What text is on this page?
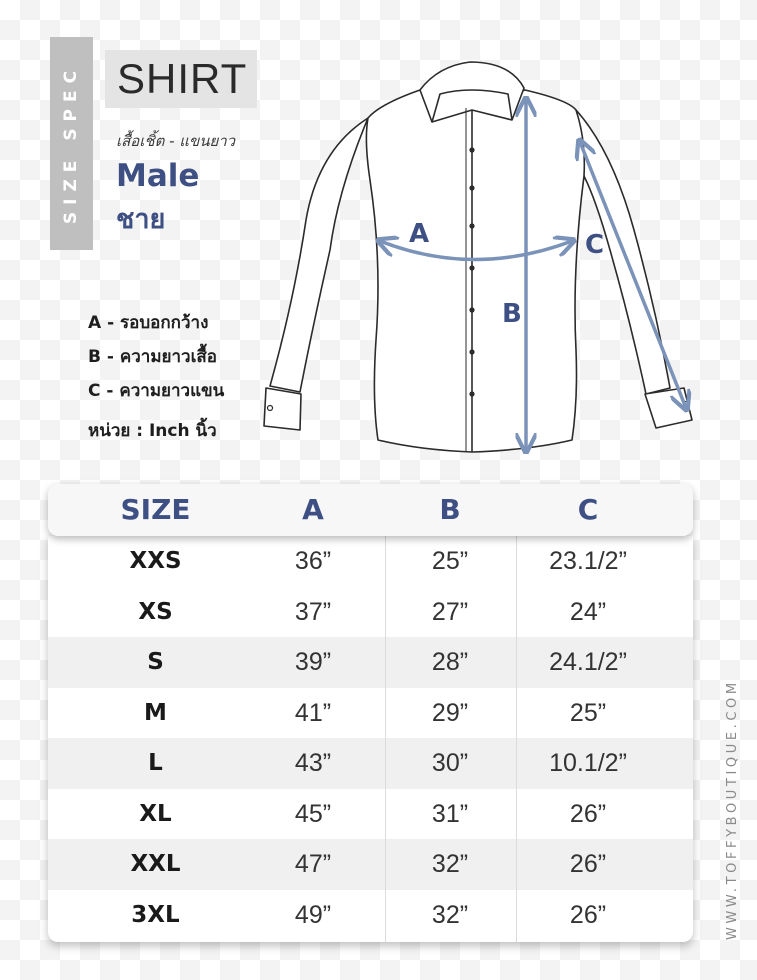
SIZE SPEC SHIRT
เสื้อเชิ้ต - แขนยาว
Male
ชาย
A - รอบอกกว้าง
B - ความยาวเสื้อ
C - ความยาวแขน
หน่วย : Inch นิ้ว
A
B
C
SIZE	A	B	C
XXS	36”	25”	23.1/2”
XS	37”	27”	24”
S	39”	28”	24.1/2”
M	41”	29”	25”
L	43”	30”	10.1/2”
XL	45”	31”	26”
XXL	47”	32”	26”
3XL	49”	32”	26”	WWW.TOFFYBOUTIQUE.COM
